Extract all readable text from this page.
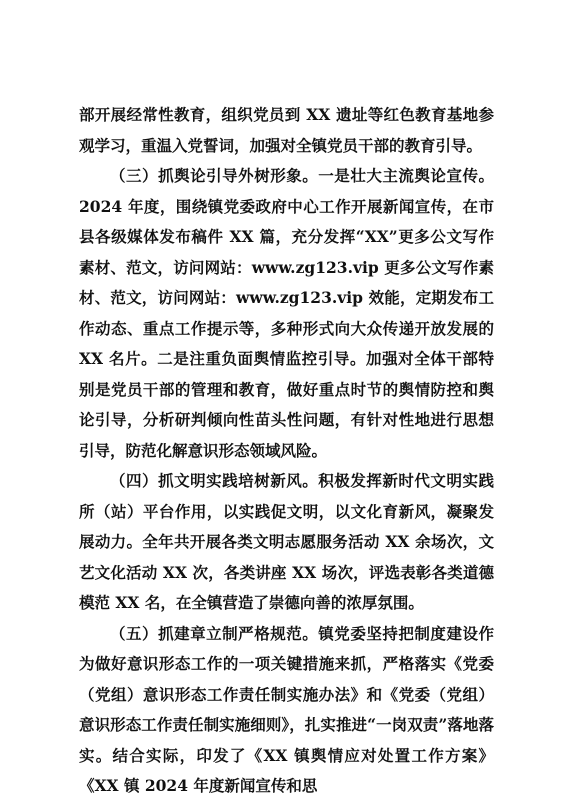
部开展经常性教育，组织党员到 XX 遗址等红色教育基地参观学习，重温入党誓词，加强对全镇党员干部的教育引导。

（三）抓舆论引导外树形象。一是壮大主流舆论宣传。2024 年度，围绕镇党委政府中心工作开展新闻宣传，在市县各级媒体发布稿件 XX 篇，充分发挥“XX”更多公文写作素材、范文，访问网站：www.zg123.vip 更多公文写作素材、范文，访问网站：www.zg123.vip 效能，定期发布工作动态、重点工作提示等，多种形式向大众传递开放发展的 XX 名片。二是注重负面舆情监控引导。加强对全体干部特别是党员干部的管理和教育，做好重点时节的舆情防控和舆论引导，分析研判倾向性苗头性问题，有针对性地进行思想引导，防范化解意识形态领域风险。

（四）抓文明实践培树新风。积极发挥新时代文明实践所（站）平台作用，以实践促文明，以文化育新风，凝聚发展动力。全年共开展各类文明志愿服务活动 XX 余场次，文艺文化活动 XX 次，各类讲座 XX 场次，评选表彰各类道德模范 XX 名，在全镇营造了崇德向善的浓厚氛围。

（五）抓建章立制严格规范。镇党委坚持把制度建设作为做好意识形态工作的一项关键措施来抓，严格落实《党委（党组）意识形态工作责任制实施办法》和《党委（党组）意识形态工作责任制实施细则》，扎实推进“一岗双责”落地落实。结合实际，印发了《XX 镇舆情应对处置工作方案》《XX 镇 2024 年度新闻宣传和思
